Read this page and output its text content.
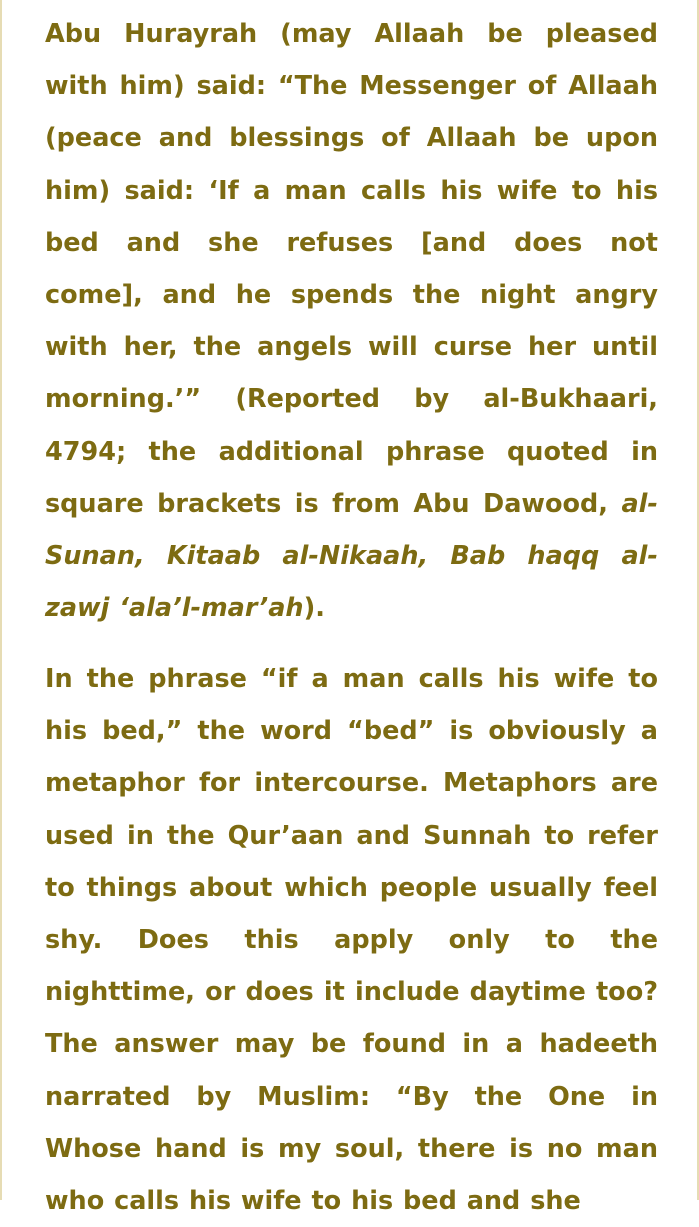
Abu Hurayrah (may Allaah be pleased with him) said: “The Messenger of Allaah (peace and blessings of Allaah be upon him) said: ‘If a man calls his wife to his bed and she refuses [and does not come], and he spends the night angry with her, the angels will curse her until morning.’” (Reported by al-Bukhaari, 4794; the additional phrase quoted in square brackets is from Abu Dawood, al-Sunan, Kitaab al-Nikaah, Bab haqq al-zawj ‘ala’l-mar’ah).

In the phrase “if a man calls his wife to his bed,” the word “bed” is obviously a metaphor for intercourse. Metaphors are used in the Qur’aan and Sunnah to refer to things about which people usually feel shy. Does this apply only to the nighttime, or does it include daytime too? The answer may be found in a hadeeth narrated by Muslim: “By the One in Whose hand is my soul, there is no man who calls his wife to his bed and she
